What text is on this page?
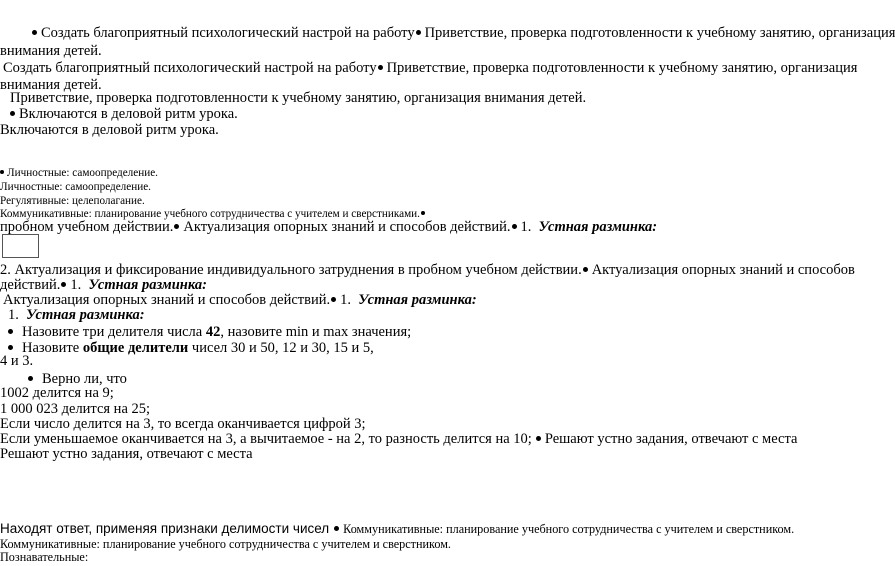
Создать благоприятный психологический настрой на работу Приветствие, проверка подготовленности к учебному занятию, организация
внимания детей.
Создать благоприятный психологический настрой на работу Приветствие, проверка подготовленности к учебному занятию, организация
внимания детей.
Приветствие, проверка подготовленности к учебному занятию, организация внимания детей.
Включаются в деловой ритм урока.
Включаются в деловой ритм урока.
Личностные: самоопределение.
Личностные: самоопределение.
Регулятивные: целеполагание.
Коммуникативные: планирование учебного сотрудничества с учителем и сверстниками.
пробном учебном действии. Актуализация опорных знаний и способов действий. 1. Устная разминка:
2. Актуализация и фиксирование индивидуального затруднения в пробном учебном действии. Актуализация опорных знаний и способов
действий. 1. Устная разминка:
Актуализация опорных знаний и способов действий. 1. Устная разминка:
1. Устная разминка:
Назовите три делителя числа 42, назовите min и max значения;
Назовите общие делители чисел 30 и 50, 12 и 30, 15 и 5,
4 и 3.
Верно ли, что
1002 делится на 9;
1 000 023 делится на 25;
Если число делится на 3, то всегда оканчивается цифрой 3;
Если уменьшаемое оканчивается на 3, а вычитаемое - на 2, то разность делится на 10; Решают устно задания, отвечают с места
Решают устно задания, отвечают с места
Находят ответ, применяя признаки делимости чисел Коммуникативные: планирование учебного сотрудничества с учителем и сверстником.
Коммуникативные: планирование учебного сотрудничества с учителем и сверстником.
Познавательные:
